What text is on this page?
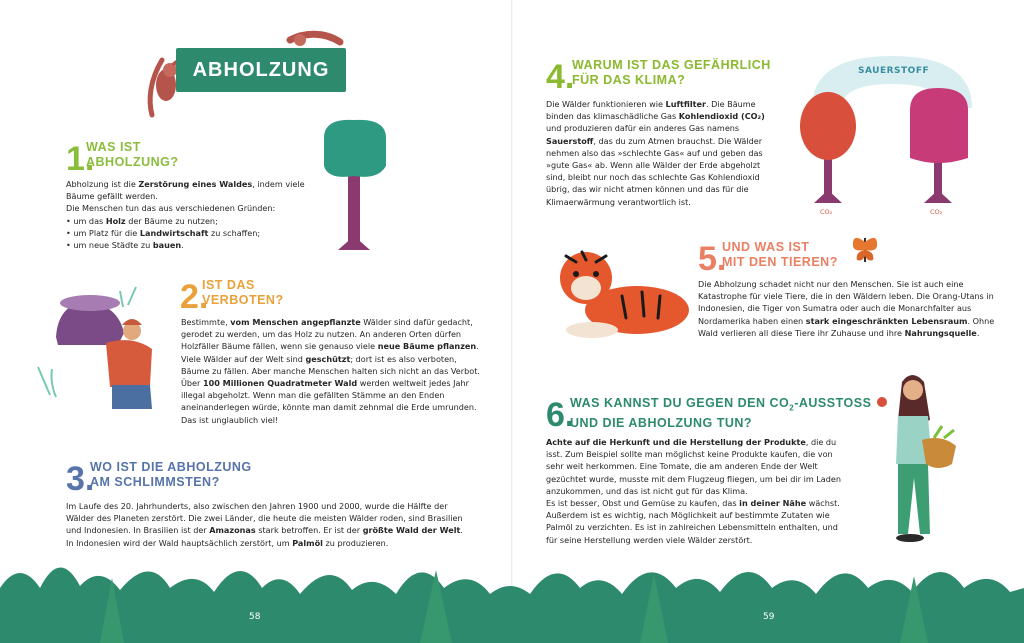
ABHOLZUNG
1.
WAS IST
ABHOLZUNG?

Abholzung ist die Zerstörung eines Waldes, indem viele Bäume gefällt werden.

Die Menschen tun das aus verschiedenen Gründen:

• um das Holz der Bäume zu nutzen;
• um Platz für die Landwirtschaft zu schaffen;
• um neue Städte zu bauen.
2.
IST DAS
VERBOTEN?

Bestimmte, vom Menschen angepflanzte Wälder sind dafür gedacht, gerodet zu werden, um das Holz zu nutzen. An anderen Orten dürfen Holzfäller Bäume fällen, wenn sie genauso viele neue Bäume pflanzen. Viele Wälder auf der Welt sind geschützt; dort ist es also verboten, Bäume zu fällen. Aber manche Menschen halten sich nicht an das Verbot. Über 100 Millionen Quadratmeter Wald werden weltweit jedes Jahr illegal abgeholzt. Wenn man die gefällten Stämme an den Enden aneinanderlegen würde, könnte man damit zehnmal die Erde umrunden. Das ist unglaublich viel!

3.
WO IST DIE ABHOLZUNG
AM SCHLIMMSTEN?

Im Laufe des 20. Jahrhunderts, also zwischen den Jahren 1900 und 2000, wurde die Hälfte der Wälder des Planeten zerstört. Die zwei Länder, die heute die meisten Wälder roden, sind Brasilien und Indonesien. In Brasilien ist der Amazonas stark betroffen. Er ist der größte Wald der Welt. In Indonesien wird der Wald hauptsächlich zerstört, um Palmöl zu produzieren.

4.
WARUM IST DAS GEFÄHRLICH
FÜR DAS KLIMA?

Die Wälder funktionieren wie Luftfilter. Die Bäume binden das klimaschädliche Gas Kohlendioxid (CO₂) und produzieren dafür ein anderes Gas namens Sauerstoff, das du zum Atmen brauchst. Die Wälder nehmen also das »schlechte Gas« auf und geben das »gute Gas« ab. Wenn alle Wälder der Erde abgeholzt sind, bleibt nur noch das schlechte Gas Kohlendioxid übrig, das wir nicht atmen können und das für die Klimaerwärmung verantwortlich ist.

SAUERSTOFF
CO₂	CO₂
5.
UND WAS IST
MIT DEN TIEREN?

Die Abholzung schadet nicht nur den Menschen. Sie ist auch eine Katastrophe für viele Tiere, die in den Wäldern leben. Die Orang-Utans in Indonesien, die Tiger von Sumatra oder auch die Monarchfalter aus Nordamerika haben einen stark eingeschränkten Lebensraum. Ohne Wald verlieren all diese Tiere ihr Zuhause und ihre Nahrungsquelle.

6.
WAS KANNST DU GEGEN DEN $CO_2$-AUSSTOSS
UND DIE ABHOLZUNG TUN?

Achte auf die Herkunft und die Herstellung der Produkte, die du isst. Zum Beispiel sollte man möglichst keine Produkte kaufen, die von sehr weit herkommen. Eine Tomate, die am anderen Ende der Welt gezüchtet wurde, musste mit dem Flugzeug fliegen, um bei dir im Laden anzukommen, und das ist nicht gut für das Klima.

Es ist besser, Obst und Gemüse zu kaufen, das in deiner Nähe wächst. Außerdem ist es wichtig, nach Möglichkeit auf bestimmte Zutaten wie Palmöl zu verzichten. Es ist in zahlreichen Lebensmitteln enthalten, und für seine Herstellung werden viele Wälder zerstört.

58	59
